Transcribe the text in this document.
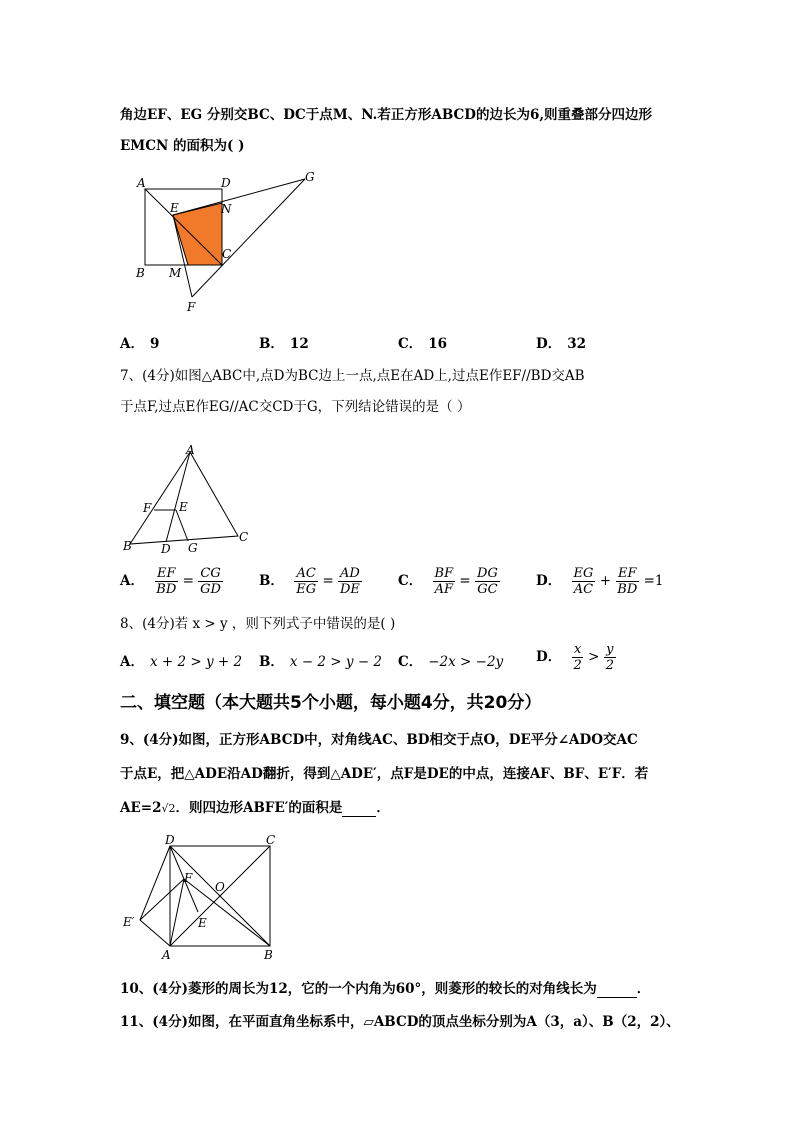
角边EF、EG 分别交BC、DC于点M、N.若正方形ABCD的边长为6,则重叠部分四边形
EMCN 的面积为( )
A	D	G
E	N
C
B M
F
A． 9	B． 12	C． 16	D． 32
7、(4分)如图△ABC中,点D为BC边上一点,点E在AD上,过点E作EF//BD交AB
于点F,过点E作EG//AC交CD于G，下列结论错误的是（ ）
A
F E
B D G
C
A． $\frac{EF}{BD} = \frac{CG}{GD}$	B． $\frac{AC}{EG} = \frac{AD}{DE}$	C． $\frac{BF}{AF} = \frac{DG}{GC}$	D． $\frac{EG}{AC} + \frac{EF}{BD} =1$
8、(4分)若 x > y ，则下列式子中错误的是( )
A． x + 2 > y + 2 B． x − 2 > y − 2 C． −2x > −2y D． $\frac{x}{2} > \frac{y}{2}$
二、填空题（本大题共5个小题，每小题4分，共20分）
9、(4分)如图，正方形ABCD中，对角线AC、BD相交于点O，DE平分∠ADO交AC
于点E，把△ADE沿AD翻折，得到△ADE′，点F是DE的中点，连接AF、BF、E′F．若
AE=2√2．则四边形ABFE′的面积是	．
D	C
F
O
E′	E
A	B
10、(4分)菱形的周长为12，它的一个内角为60°，则菱形的较长的对角线长为	．
11、(4分)如图，在平面直角坐标系中，▱ABCD的顶点坐标分别为A（3，a）、B（2，2）、
